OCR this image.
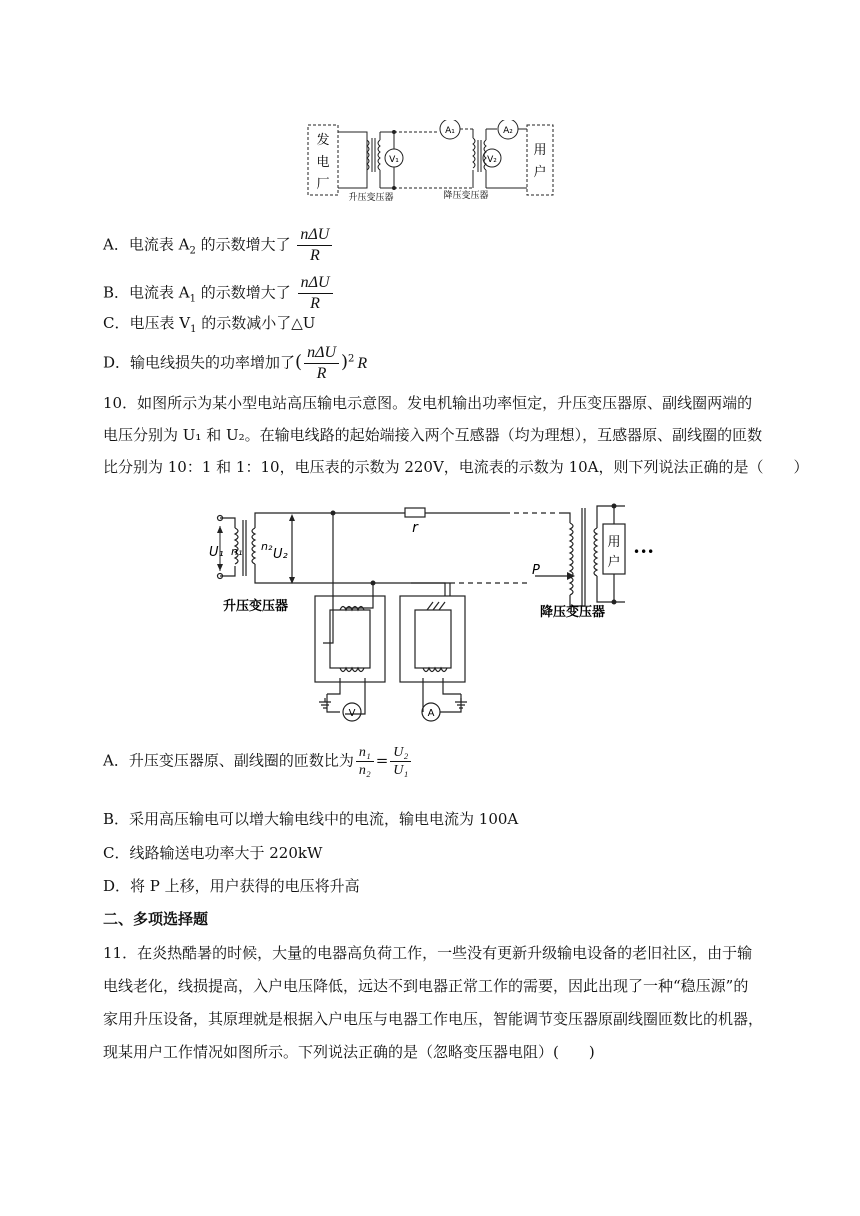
发
电
厂
用
户
V₁
A₁
V₂
A₂
升压变压器	降压变压器
A．电流表 $A_2$ 的示数增大了 $\frac{\text{nΔU}}{R}$
B．电流表 $A_1$ 的示数增大了 $\frac{\text{nΔU}}{R}$
C．电压表 $V_1$ 的示数减小了△U
D．输电线损失的功率增加了( $\frac{\text{nΔU}}{R} )^2$ R
10．如图所示为某小型电站高压输电示意图。发电机输出功率恒定，升压变压器原、副线圈两端的
电压分别为 U₁ 和 U₂。在输电线路的起始端接入两个互感器（均为理想），互感器原、副线圈的匝数
比分别为 10：1 和 1：10，电压表的示数为 220V，电流表的示数为 10A，则下列说法正确的是（　　）
r
U₁ n₁ n₂
U₂
P
用
户
•••
升压变压器	降压变压器
V	A
A．升压变压器原、副线圈的匝数比为 $\frac{\text{n₁}}{\text{n₂}} = \frac{\text{U₂}}{\text{U₁}}$
B．采用高压输电可以增大输电线中的电流，输电电流为 100A
C．线路输送电功率大于 220kW
D．将 P 上移，用户获得的电压将升高
二、多项选择题
11．在炎热酷暑的时候，大量的电器高负荷工作，一些没有更新升级输电设备的老旧社区，由于输
电线老化，线损提高，入户电压降低，远达不到电器正常工作的需要，因此出现了一种“稳压源”的
家用升压设备，其原理就是根据入户电压与电器工作电压，智能调节变压器原副线圈匝数比的机器，
现某用户工作情况如图所示。下列说法正确的是（忽略变压器电阻）(　　)
